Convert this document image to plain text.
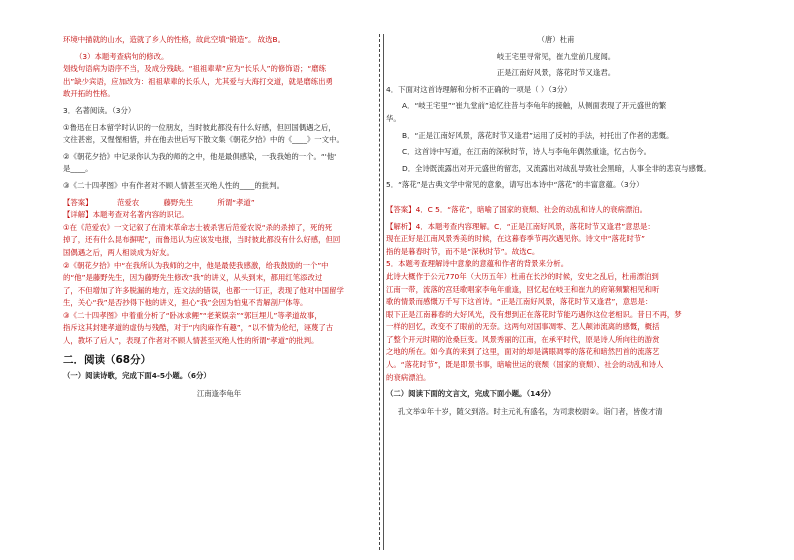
环境中描就的山水，造就了乡人的性格，故此空填“锻造”。 故选B。
（3）本题考查病句的修改。
划线句语病为语序不当，及成分残缺。“祖祖辈辈”应为“长乐人”的修饰语；“磨练
出”缺少宾语，应加改为：祖祖辈辈的长乐人，尤其爱与大海打交道，就是磨练出勇
敢开拓的性格。
3．名著阅读。（3分）
①鲁迅在日本留学时认识的一位朋友，当时彼此都没有什么好感，但回国偶遇之后，
文往甚密，又惺惺相惜，并在他去世后写下散文集《朝花夕拾》中的《____》一文中。
②《朝花夕拾》中记录你认为我的师的之中，他是最俱感染，一我我她的一个。“'他'
是____。
③《二十四孝图》中有作者对不顾人情甚至灭绝人性的____的批判。
【答案】	范爱农	藤野先生	所谓“孝道”
【详解】本题考查对名著内容的识记。
①在《范爱农》一文记叙了在清末革命志士被杀害后范爱农说“杀的杀掉了，死的死
掉了，还有什么昆布摒呢”，而鲁迅认为应该发电报，当时彼此都没有什么好感，但回
国偶遇之后，两人相谈成为好友。
②《朝花夕拾》中“在我所认为我师的之中，他是最使我感激，给我鼓励的一个”中
的“他”是藤野先生，因为藤野先生修改“我”的讲义，从头到末，都用红笔添改过
了，不但增加了许多脱漏的地方，连文法的错误，也都一一订正，表现了他对中国留学
生，关心“我”是否抄得下他的讲义，担心“我”会因为怕鬼不肯解剖尸体等。
③《二十四孝图》中着重分析了“卧冰求鲤”“老莱娱亲”“郭巨埋儿”等孝道故事，
指斥这其封建孝道的虚伪与残酷，对于“内肉麻作有趣”，“以不情为伦纪，诬蔑了古
人，教坏了后人”，表现了作者对不顾人情甚至灭绝人性的所谓“孝道”的批判。
二．阅读（68分）
（一）阅读诗歌，完成下面4-5小题。（6分）
江南逢李龟年
（唐）杜甫
岐王宅里寻常见，崔九堂前几度闻。
正是江南好风景，落花时节又逢君。
4．下面对这首诗理解和分析不正确的一项是（ ）（3分）
A．“岐王宅里”“崔九堂前”追忆往昔与李龟年的接触，从侧面表现了开元盛世的繁
华。
B．“正是江南好风景，落花时节又逢君”运用了反衬的手法，衬托出了作者的悲慨。
C．这首诗中写道，在江南的深秋时节，诗人与李龟年偶然重逢，忆古伤今。
D．全诗既流露出对开元盛世的留恋，又流露出对战乱导致社会黑暗，人事全非的悲哀与感慨。
5．“落花”是古典文学中常见的意象，请写出本诗中“落花”的丰富意蕴。（3分）
【答案】4．C 5．“落花”，暗喻了国家的衰颓、社会的动乱和诗人的衰病漂泊。
【解析】4．本题考查内容理解。C．“正是江南好风景，落花时节又逢君”意思是：
现在正好是江南风景秀美的时候，在这暮春季节再次遇见你。诗文中“落花时节”
指的是暮春时节，而不是“深秋时节”。故选C。
5．本题考查理解诗中意象的意蕴和作者的背景来分析。
此诗大概作于公元770年（大历五年）杜甫在长沙的时候，安史之乱后，杜甫漂泊到
江南一带，流落的宫廷歌唱家李龟年重逢，回忆起在岐王和崔九的府第频繁相见和听
歌的情景而感慨万千写下这首诗。“正是江南好风景，落花时节又逢君”，意思是：
眼下正是江南暮春的大好风光，没有想到正在落花时节能巧遇你这位老相识。昔日不再，梦
一样的回忆，改变不了眼前的无奈。这两句对国事凋零、艺人颠沛流离的感慨，概括
了整个开元时期的沧桑巨变。风景秀丽的江南，在承平时代，原是诗人所向往的游赏
之地的所在。如今真的来到了这里，面对的却是满眼凋零的落花和暗然凹首的流落艺
人。“落花时节”，既是即景书事，暗喻世运的衰颓（国家的衰颓）、社会的动乱和诗人
的衰病漂泊。
（二）阅读下面的文言文，完成下面小题。（14分）
孔文举①年十岁，随父到洛。时主元礼有盛名，为司隶校尉②。诣门者，皆俊才清
